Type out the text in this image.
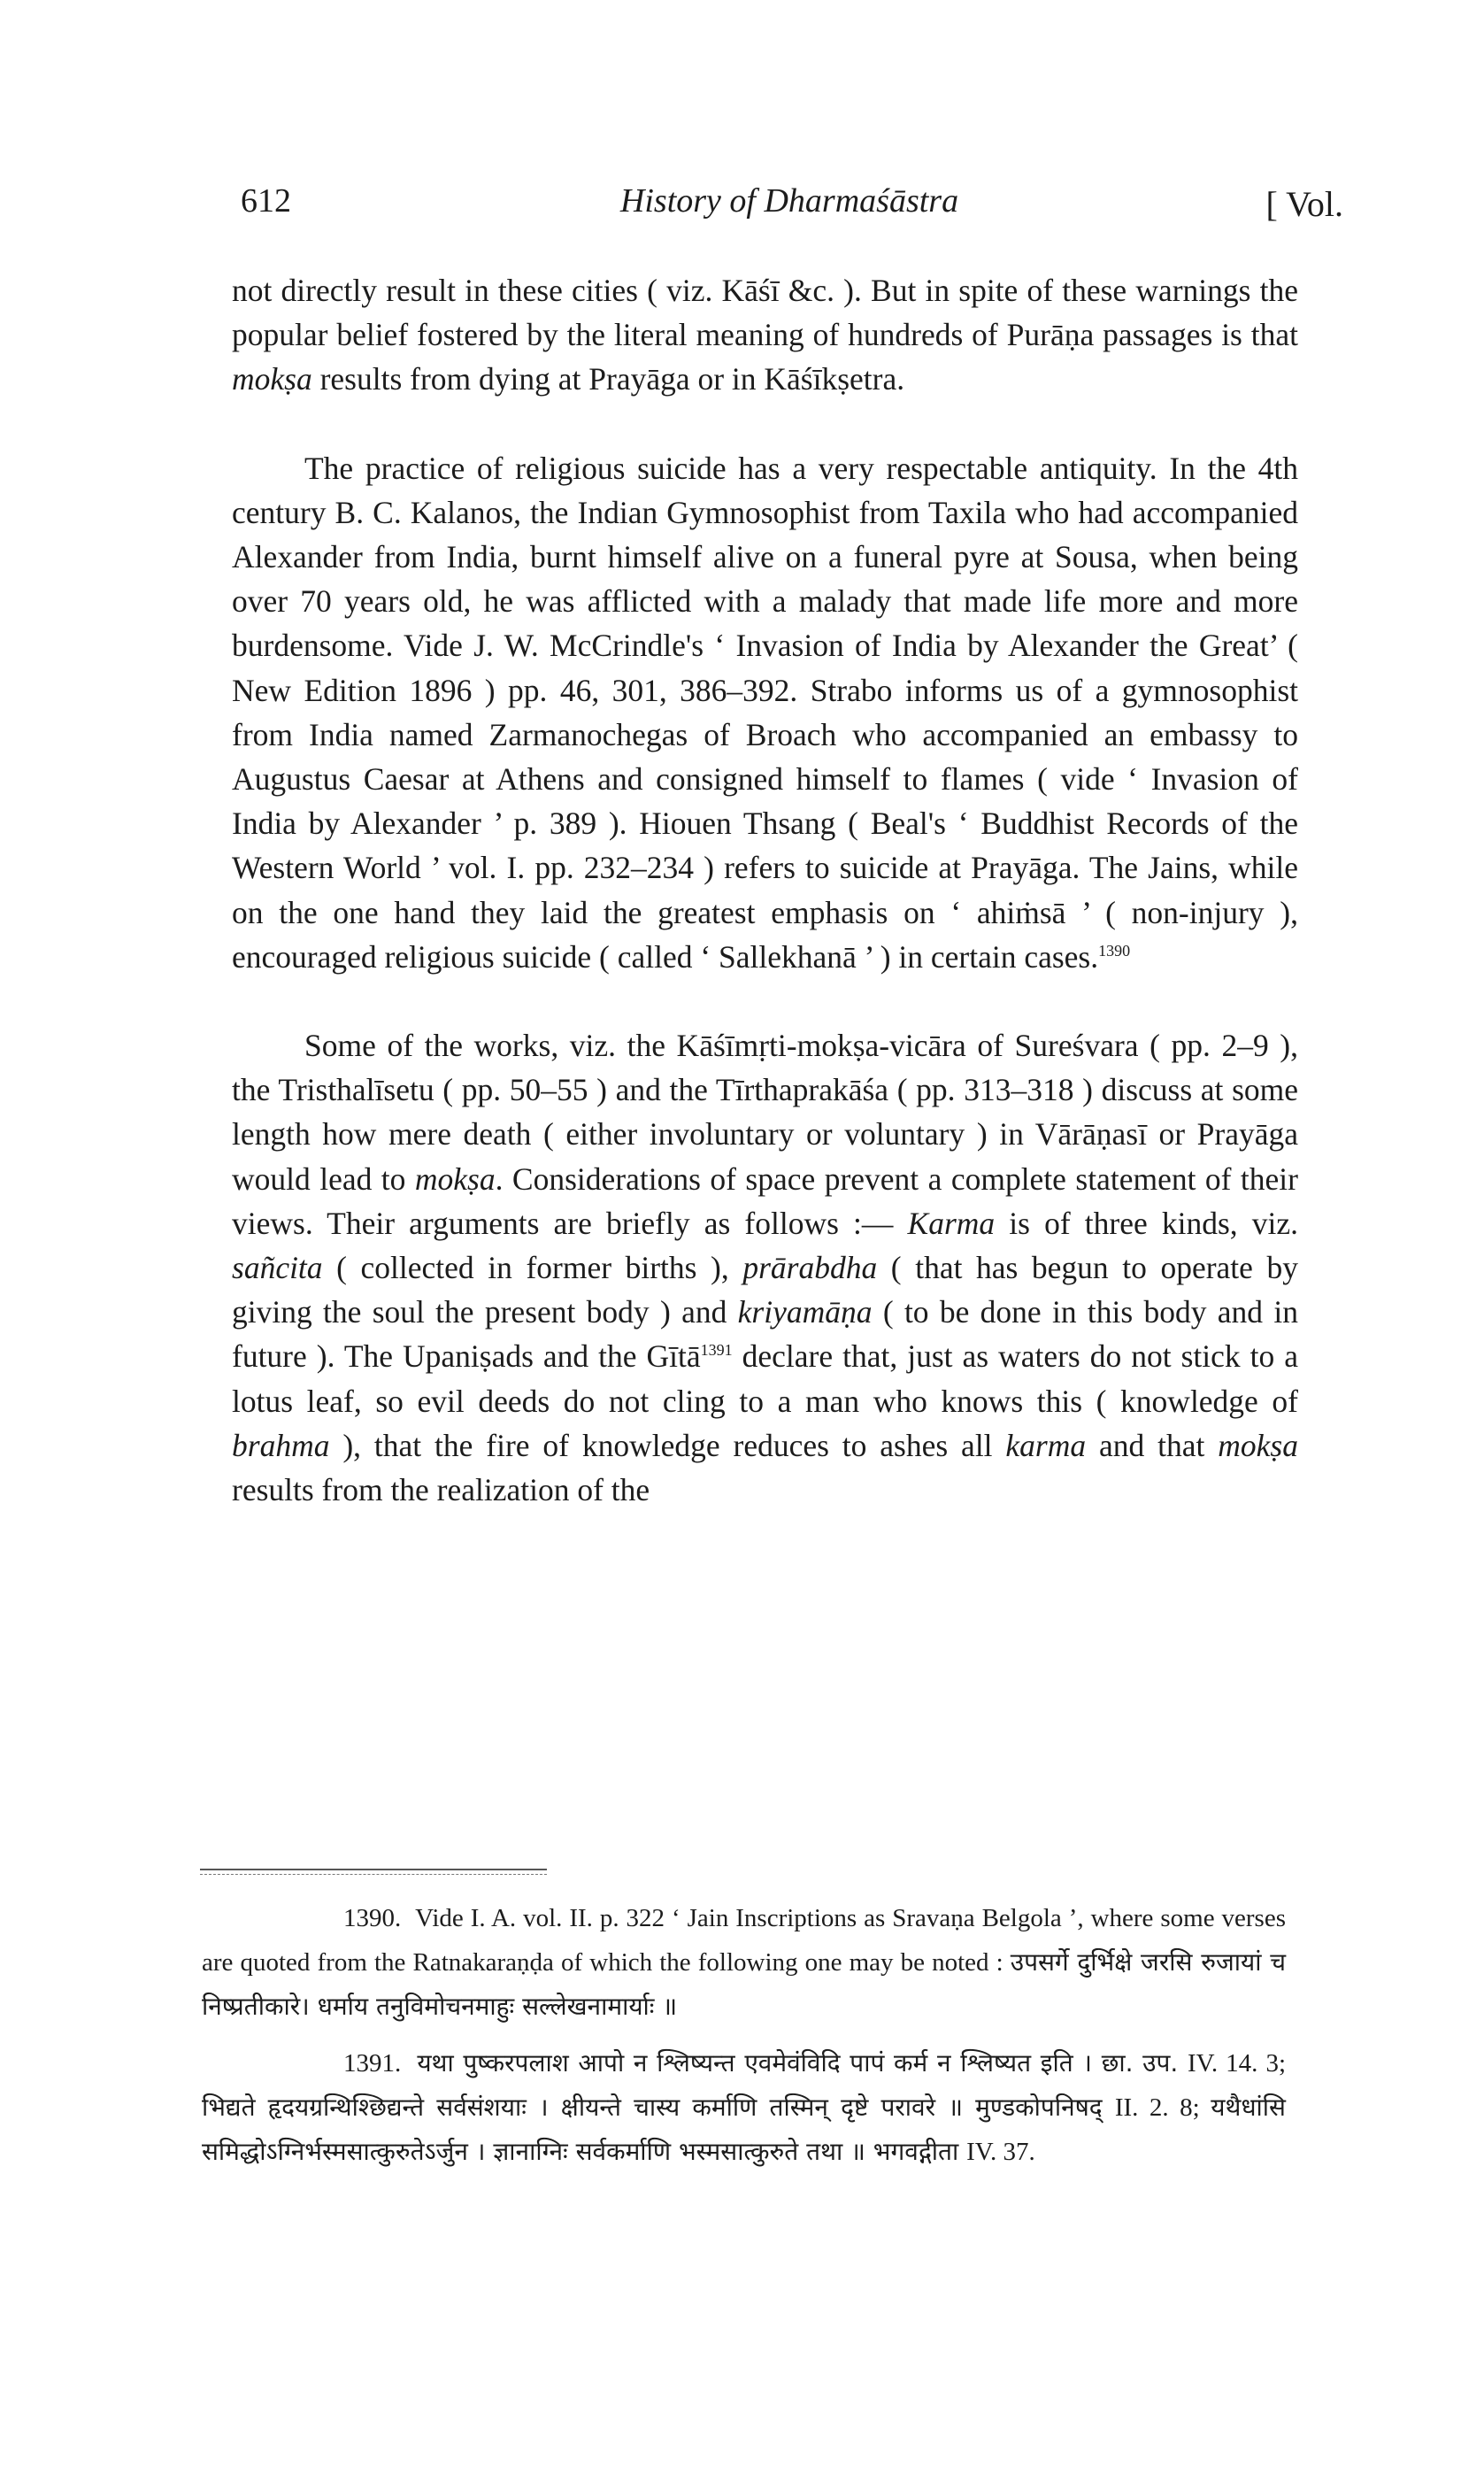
612	History of Dharmaśāstra	[ Vol.

not directly result in these cities ( viz. Kāśī &c. ). But in spite of these warnings the popular belief fostered by the literal meaning of hundreds of Purāṇa passages is that mokṣa results from dying at Prayāga or in Kāśīkṣetra.

The practice of religious suicide has a very respectable antiquity. In the 4th century B. C. Kalanos, the Indian Gymnosophist from Taxila who had accompanied Alexander from India, burnt himself alive on a funeral pyre at Sousa, when being over 70 years old, he was afflicted with a malady that made life more and more burdensome. Vide J. W. McCrindle's ‘ Invasion of India by Alexander the Great’ ( New Edition 1896 ) pp. 46, 301, 386–392. Strabo informs us of a gymnosophist from India named Zarmanochegas of Broach who accompanied an embassy to Augustus Caesar at Athens and consigned himself to flames ( vide ‘ Invasion of India by Alexander ’ p. 389 ). Hiouen Thsang ( Beal's ‘ Buddhist Records of the Western World ’ vol. I. pp. 232–234 ) refers to suicide at Prayāga. The Jains, while on the one hand they laid the greatest emphasis on ‘ ahiṁsā ’ ( non-injury ), encouraged religious suicide ( called ‘ Sallekhanā ’ ) in certain cases.$^{1390}$

Some of the works, viz. the Kāśīmṛti-mokṣa-vicāra of Sureśvara ( pp. 2–9 ), the Tristhalīsetu ( pp. 50–55 ) and the Tīrthaprakāśa ( pp. 313–318 ) discuss at some length how mere death ( either involuntary or voluntary ) in Vārāṇasī or Prayāga would lead to mokṣa. Considerations of space prevent a complete statement of their views. Their arguments are briefly as follows :— Karma is of three kinds, viz. sañcita ( collected in former births ), prārabdha ( that has begun to operate by giving the soul the present body ) and kriyamāṇa ( to be done in this body and in future ). The Upaniṣads and the Gītā$^{1391}$ declare that, just as waters do not stick to a lotus leaf, so evil deeds do not cling to a man who knows this ( knowledge of brahma ), that the fire of knowledge reduces to ashes all karma and that mokṣa results from the realization of the

1390. Vide I. A. vol. II. p. 322 ‘ Jain Inscriptions as Sravaṇa Belgola ’, where some verses are quoted from the Ratnakaraṇḍa of which the following one may be noted : उपसर्गे दुर्भिक्षे जरसि रुजायां च निष्प्रतीकारे। धर्माय तनुविमोचनमाहुः सल्लेखनामार्याः ॥

1391. यथा पुष्करपलाश आपो न श्लिष्यन्त एवमेवंविदि पापं कर्म न श्लिष्यत इति । छा. उप. IV. 14. 3; भिद्यते हृदयग्रन्थिश्छिद्यन्ते सर्वसंशयाः । क्षीयन्ते चास्य कर्माणि तस्मिन् दृष्टे परावरे ॥ मुण्डकोपनिषद् II. 2. 8; यथैधांसि समिद्धोऽग्निर्भस्मसात्कुरुतेऽर्जुन । ज्ञानाग्निः सर्वकर्माणि भस्मसात्कुरुते तथा ॥ भगवद्गीता IV. 37.
